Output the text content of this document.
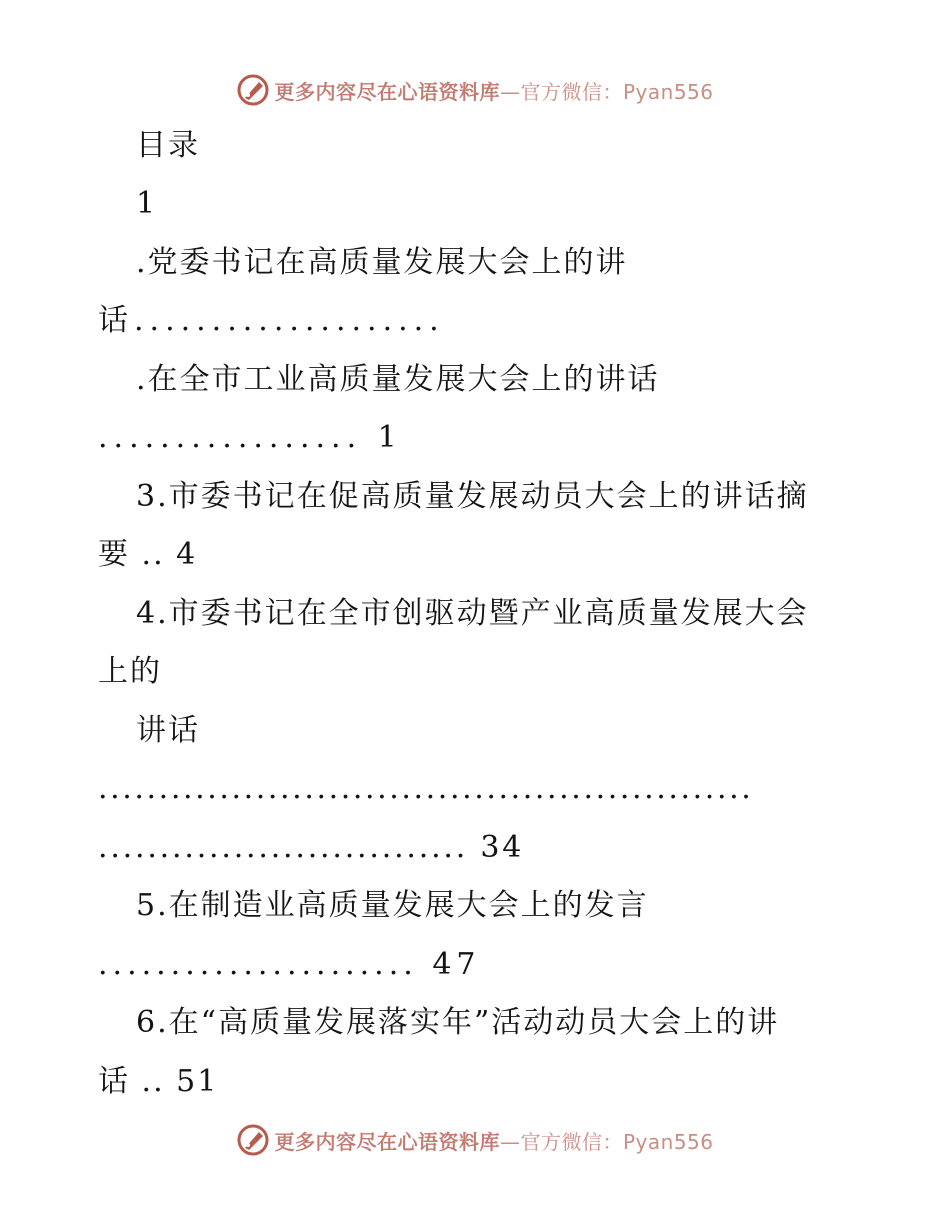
更多内容尽在心语资料库—官方微信：Pyan556
目录
1
.党委书记在高质量发展大会上的讲
话....................
.在全市工业高质量发展大会上的讲话
................. 1
3.市委书记在促高质量发展动员大会上的讲话摘
要 .. 4
4.市委书记在全市创驱动暨产业高质量发展大会
上的
讲话
......................................................
.............................. 34
5.在制造业高质量发展大会上的发言
...................... 47
6.在“高质量发展落实年”活动动员大会上的讲
话 .. 51
更多内容尽在心语资料库—官方微信：Pyan556
